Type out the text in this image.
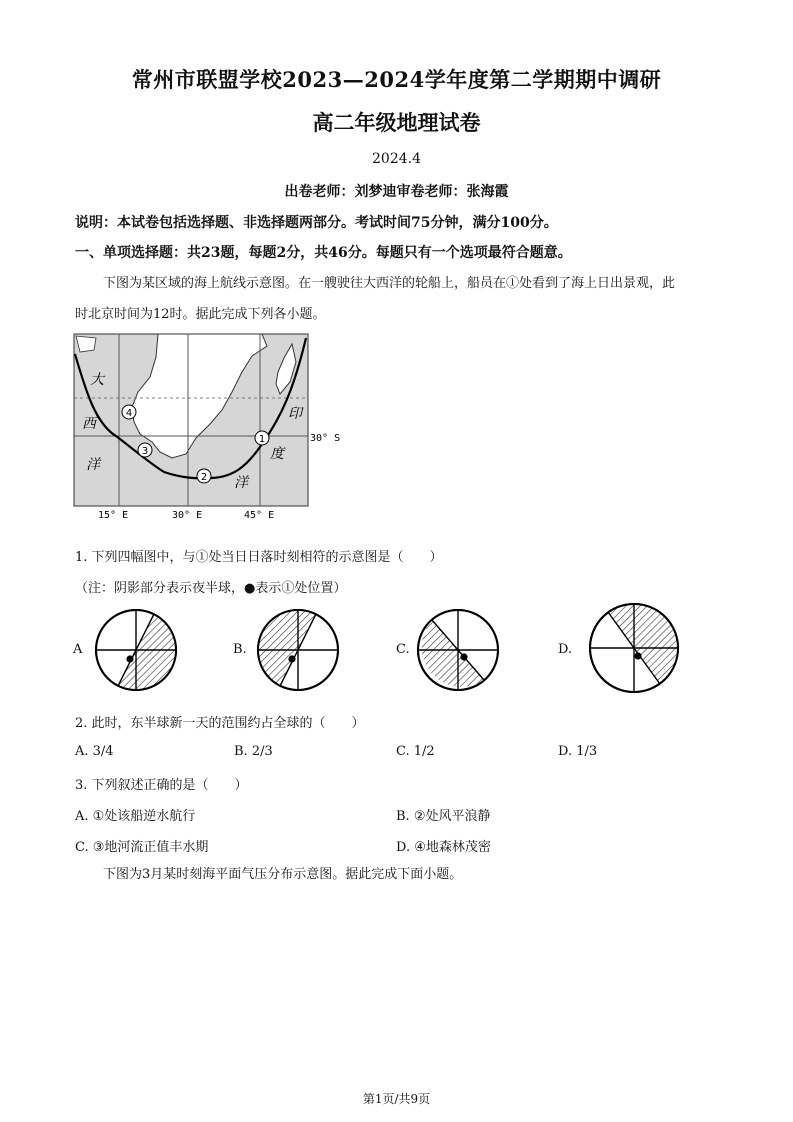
常州市联盟学校2023—2024学年度第二学期期中调研
高二年级地理试卷
2024.4
出卷老师：刘梦迪审卷老师：张海霞
说明：本试卷包括选择题、非选择题两部分。考试时间75分钟，满分100分。
一、单项选择题：共23题，每题2分，共46分。每题只有一个选项最符合题意。
下图为某区域的海上航线示意图。在一艘驶往大西洋的轮船上，船员在①处看到了海上日出景观，此
时北京时间为12时。据此完成下列各小题。
1
2
3
4
大
西
洋
印
度
洋
30° S
15° E	30° E	45° E
1. 下列四幅图中，与①处当日日落时刻相符的示意图是（　　）
（注：阴影部分表示夜半球，●表示①处位置）
A	B.	C.	D.
2. 此时，东半球新一天的范围约占全球的（　　）
A. 3/4	B. 2/3	C. 1/2	D. 1/3
3. 下列叙述正确的是（　　）
A. ①处该船逆水航行	B. ②处风平浪静
C. ③地河流正值丰水期	D. ④地森林茂密
下图为3月某时刻海平面气压分布示意图。据此完成下面小题。
第1页/共9页
